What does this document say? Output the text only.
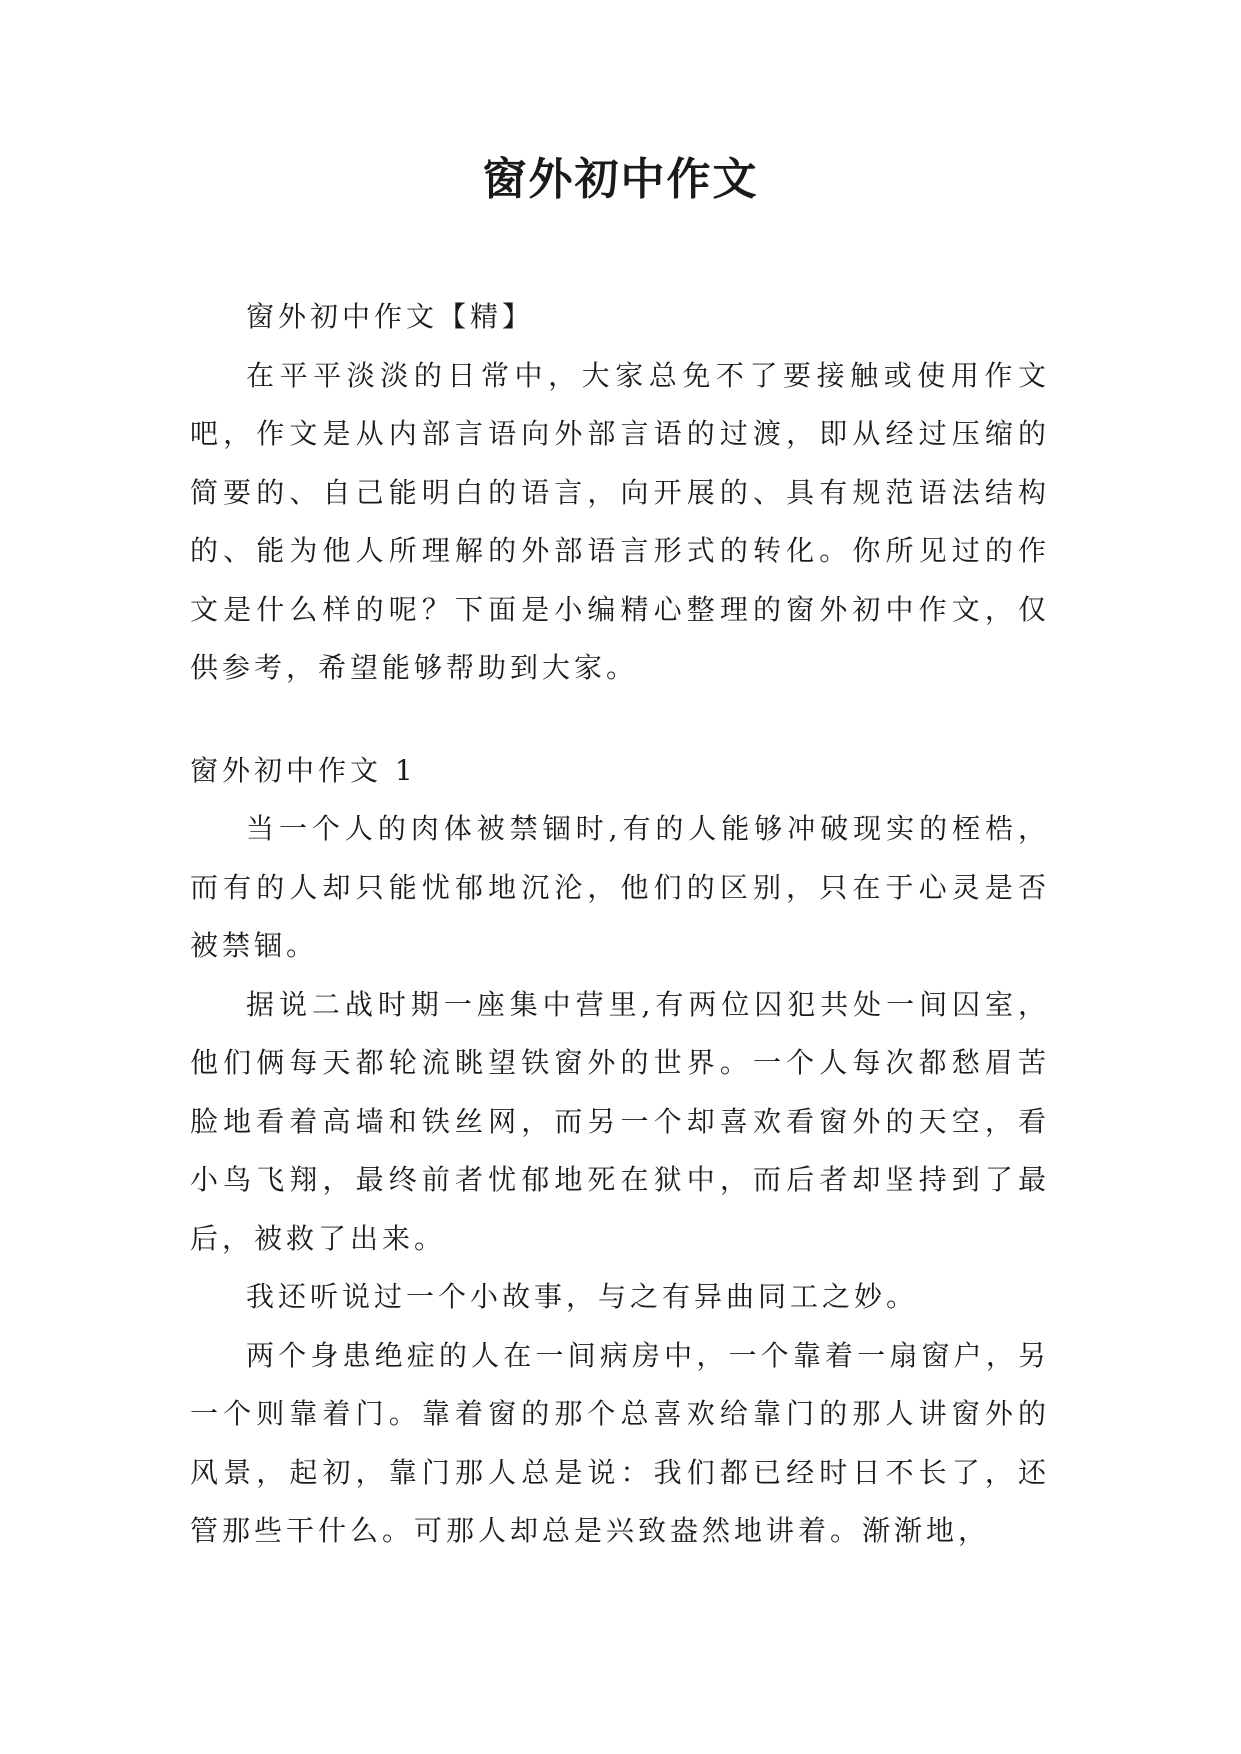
窗外初中作文

窗外初中作文【精】

在平平淡淡的日常中，大家总免不了要接触或使用作文吧，作文是从内部言语向外部言语的过渡，即从经过压缩的简要的、自己能明白的语言，向开展的、具有规范语法结构的、能为他人所理解的外部语言形式的转化。你所见过的作文是什么样的呢？下面是小编精心整理的窗外初中作文，仅供参考，希望能够帮助到大家。

窗外初中作文 1

当一个人的肉体被禁锢时,有的人能够冲破现实的桎梏，而有的人却只能忧郁地沉沦，他们的区别，只在于心灵是否被禁锢。

据说二战时期一座集中营里,有两位囚犯共处一间囚室，他们俩每天都轮流眺望铁窗外的世界。一个人每次都愁眉苦脸地看着高墙和铁丝网，而另一个却喜欢看窗外的天空，看小鸟飞翔，最终前者忧郁地死在狱中，而后者却坚持到了最后，被救了出来。

我还听说过一个小故事，与之有异曲同工之妙。

两个身患绝症的人在一间病房中，一个靠着一扇窗户，另一个则靠着门。靠着窗的那个总喜欢给靠门的那人讲窗外的风景，起初，靠门那人总是说：我们都已经时日不长了，还管那些干什么。可那人却总是兴致盎然地讲着。渐渐地，
